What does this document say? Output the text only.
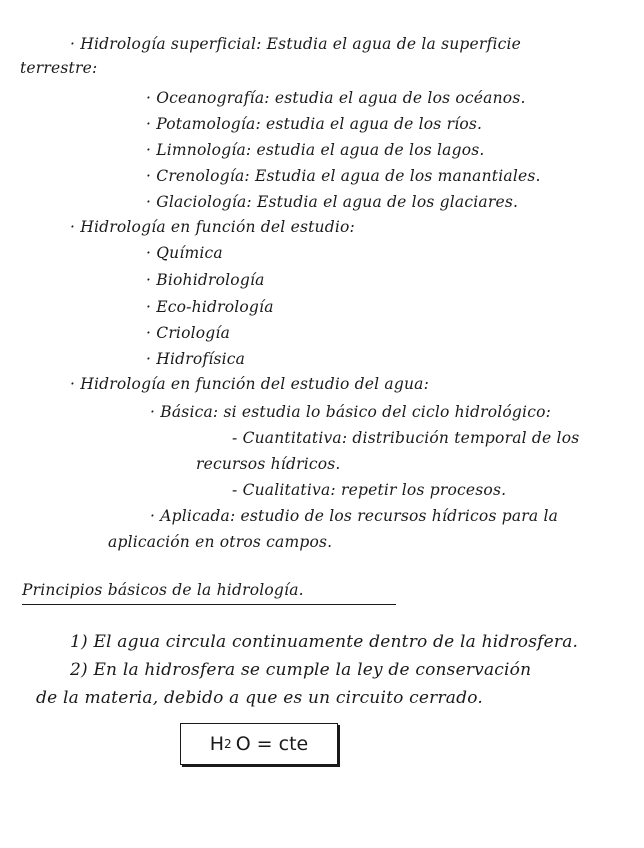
· Hidrología superficial: Estudia el agua de la superficie
terrestre:
· Oceanografía: estudia el agua de los océanos.
· Potamología: estudia el agua de los ríos.
· Limnología: estudia el agua de los lagos.
· Crenología: Estudia el agua de los manantiales.
· Glaciología: Estudia el agua de los glaciares.
· Hidrología en función del estudio:
· Química
· Biohidrología
· Eco-hidrología
· Criología
· Hidrofísica
· Hidrología en función del estudio del agua:
· Básica: si estudia lo básico del ciclo hidrológico:
- Cuantitativa: distribución temporal de los
recursos hídricos.
- Cualitativa: repetir los procesos.
· Aplicada: estudio de los recursos hídricos para la
aplicación en otros campos.
Principios básicos de la hidrología.
1) El agua circula continuamente dentro de la hidrosfera.
2) En la hidrosfera se cumple la ley de conservación
de la materia, debido a que es un circuito cerrado.
H 2 O = cte
